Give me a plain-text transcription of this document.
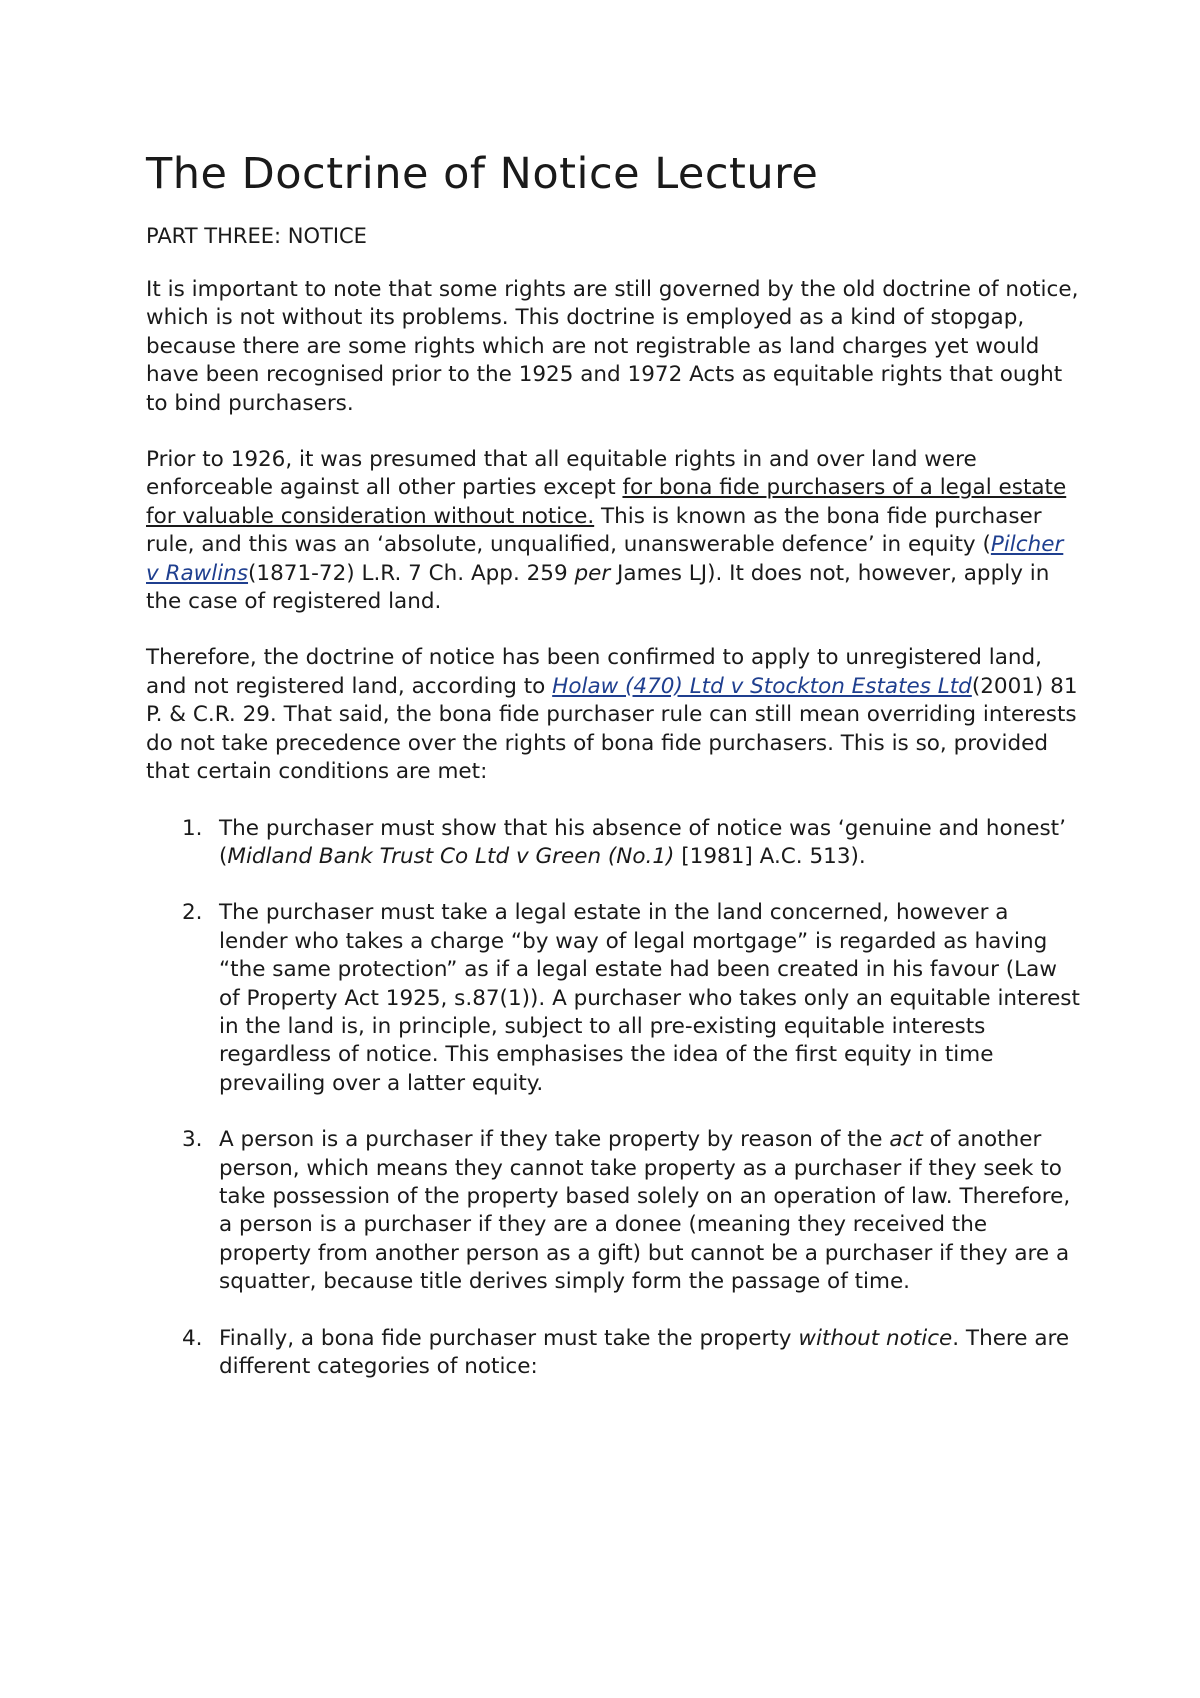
The Doctrine of Notice Lecture

PART THREE: NOTICE

It is important to note that some rights are still governed by the old doctrine of notice, which is not without its problems. This doctrine is employed as a kind of stopgap, because there are some rights which are not registrable as land charges yet would have been recognised prior to the 1925 and 1972 Acts as equitable rights that ought to bind purchasers.

Prior to 1926, it was presumed that all equitable rights in and over land were enforceable against all other parties except for bona fide purchasers of a legal estate for valuable consideration without notice. This is known as the bona fide purchaser rule, and this was an ‘absolute, unqualified, unanswerable defence’ in equity (Pilcher v Rawlins(1871-72) L.R. 7 Ch. App. 259 per James LJ). It does not, however, apply in the case of registered land.

Therefore, the doctrine of notice has been confirmed to apply to unregistered land, and not registered land, according to Holaw (470) Ltd v Stockton Estates Ltd(2001) 81 P. & C.R. 29. That said, the bona fide purchaser rule can still mean overriding interests do not take precedence over the rights of bona fide purchasers. This is so, provided that certain conditions are met:

1. The purchaser must show that his absence of notice was ‘genuine and honest’ (Midland Bank Trust Co Ltd v Green (No.1) [1981] A.C. 513).
2. The purchaser must take a legal estate in the land concerned, however a lender who takes a charge “by way of legal mortgage” is regarded as having “the same protection” as if a legal estate had been created in his favour (Law of Property Act 1925, s.87(1)). A purchaser who takes only an equitable interest in the land is, in principle, subject to all pre-existing equitable interests regardless of notice. This emphasises the idea of the first equity in time prevailing over a latter equity.
3. A person is a purchaser if they take property by reason of the act of another person, which means they cannot take property as a purchaser if they seek to take possession of the property based solely on an operation of law. Therefore, a person is a purchaser if they are a donee (meaning they received the property from another person as a gift) but cannot be a purchaser if they are a squatter, because title derives simply form the passage of time.
4. Finally, a bona fide purchaser must take the property without notice. There are different categories of notice:
